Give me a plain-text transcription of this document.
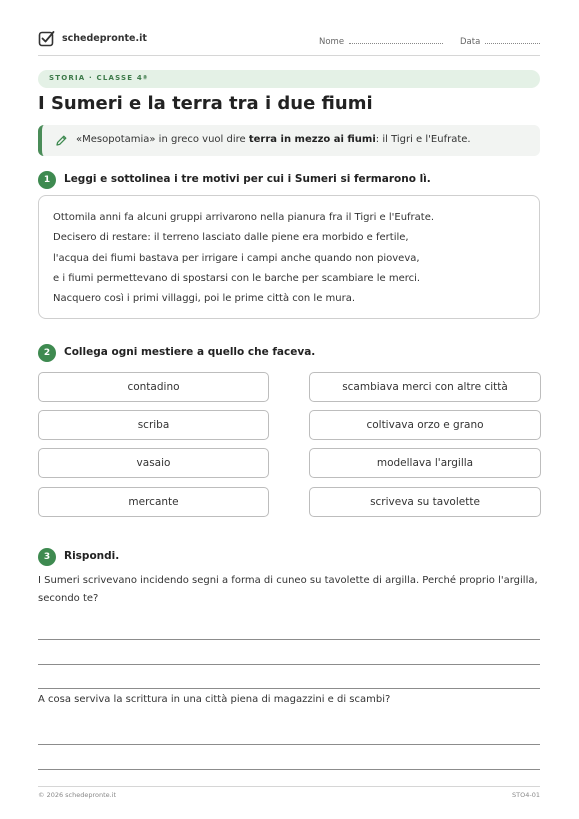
schedepronte.it	Nome	Data
STORIA · CLASSE 4ª
I Sumeri e la terra tra i due fiumi
«Mesopotamia» in greco vuol dire terra in mezzo ai fiumi: il Tigri e l'Eufrate.
1	Leggi e sottolinea i tre motivi per cui i Sumeri si fermarono lì.
Ottomila anni fa alcuni gruppi arrivarono nella pianura fra il Tigri e l'Eufrate.
Decisero di restare: il terreno lasciato dalle piene era morbido e fertile,
l'acqua dei fiumi bastava per irrigare i campi anche quando non pioveva,
e i fiumi permettevano di spostarsi con le barche per scambiare le merci.
Nacquero così i primi villaggi, poi le prime città con le mura.
2	Collega ogni mestiere a quello che faceva.
contadino
scriba
vasaio
mercante
scambiava merci con altre città
coltivava orzo e grano
modellava l'argilla
scriveva su tavolette
3	Rispondi.
I Sumeri scrivevano incidendo segni a forma di cuneo su tavolette di argilla. Perché proprio l'argilla, secondo te?
A cosa serviva la scrittura in una città piena di magazzini e di scambi?
© 2026 schedepronte.it	STO4-01
